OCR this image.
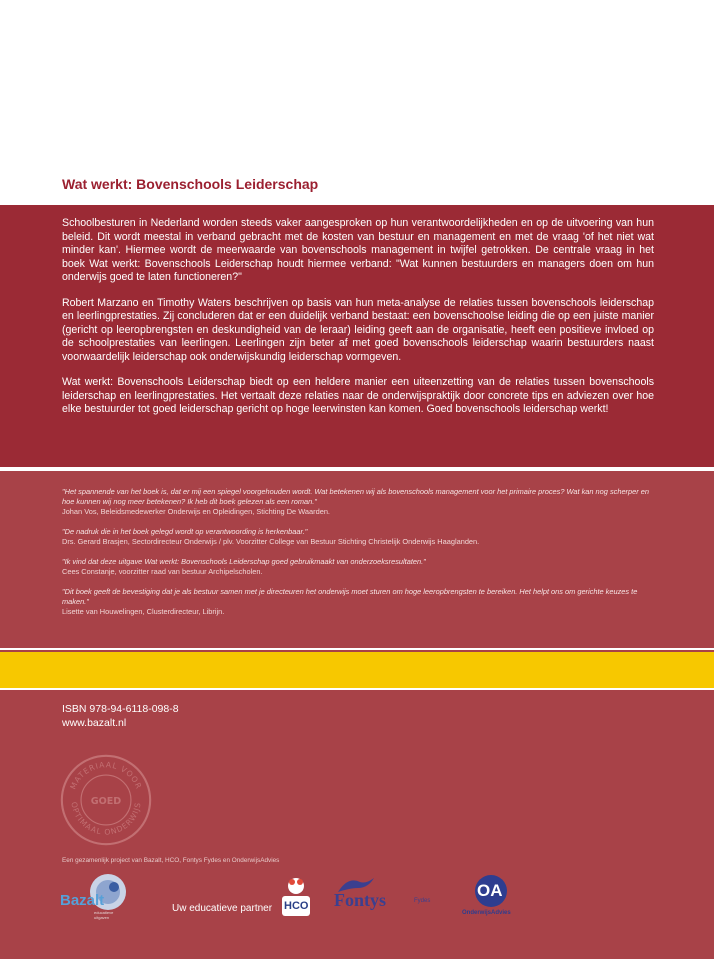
Wat werkt: Bovenschools Leiderschap

Schoolbesturen in Nederland worden steeds vaker aangesproken op hun verantwoordelijkheden en op de uitvoering van hun beleid. Dit wordt meestal in verband gebracht met de kosten van bestuur en management en met de vraag 'of het niet wat minder kan'. Hiermee wordt de meerwaarde van bovenschools management in twijfel getrokken. De centrale vraag in het boek Wat werkt: Bovenschools Leiderschap houdt hiermee verband: "Wat kunnen bestuurders en managers doen om hun onderwijs goed te laten functioneren?"

Robert Marzano en Timothy Waters beschrijven op basis van hun meta-analyse de relaties tussen bovenschools leiderschap en leerlingprestaties. Zij concluderen dat er een duidelijk verband bestaat: een bovenschoolse leiding die op een juiste manier (gericht op leeropbrengsten en deskundigheid van de leraar) leiding geeft aan de organisatie, heeft een positieve invloed op de schoolprestaties van leerlingen. Leerlingen zijn beter af met goed bovenschools leiderschap waarin bestuurders naast voorwaardelijk leiderschap ook onderwijskundig leiderschap vormgeven.

Wat werkt: Bovenschools Leiderschap biedt op een heldere manier een uiteenzetting van de relaties tussen bovenschools leiderschap en leerlingprestaties. Het vertaalt deze relaties naar de onderwijspraktijk door concrete tips en adviezen over hoe elke bestuurder tot goed leiderschap gericht op hoge leerwinsten kan komen. Goed bovenschools leiderschap werkt!

"Het spannende van het boek is, dat er mij een spiegel voorgehouden wordt. Wat betekenen wij als bovenschools management voor het primaire proces? Wat kan nog scherper en hoe kunnen wij nog meer betekenen? Ik heb dit boek gelezen als een roman."
Johan Vos, Beleidsmedewerker Onderwijs en Opleidingen, Stichting De Waarden.
"De nadruk die in het boek gelegd wordt op verantwoording is herkenbaar."
Drs. Gerard Brasjen, Sectordirecteur Onderwijs / plv. Voorzitter College van Bestuur Stichting Christelijk Onderwijs Haaglanden.
"Ik vind dat deze uitgave Wat werkt: Bovenschools Leiderschap goed gebruikmaakt van onderzoeksresultaten."
Cees Constanje, voorzitter raad van bestuur Archipelscholen.
"Dit boek geeft de bevestiging dat je als bestuur samen met je directeuren het onderwijs moet sturen om hoge leeropbrengsten te bereiken. Het helpt ons om gerichte keuzes te maken."
Lisette van Houwelingen, Clusterdirecteur, Librijn.
ISBN 978-94-6118-098-8
www.bazalt.nl
MATERIAAL VOOR
OPTIMAAL ONDERWIJS
GOED
Een gezamenlijk project van Bazalt, HCO, Fontys Fydes en OnderwijsAdvies
Bazalt
educatieve uitgaven
Uw educatieve partner HCO Fontys	Fydes
OA
OnderwijsAdvies
